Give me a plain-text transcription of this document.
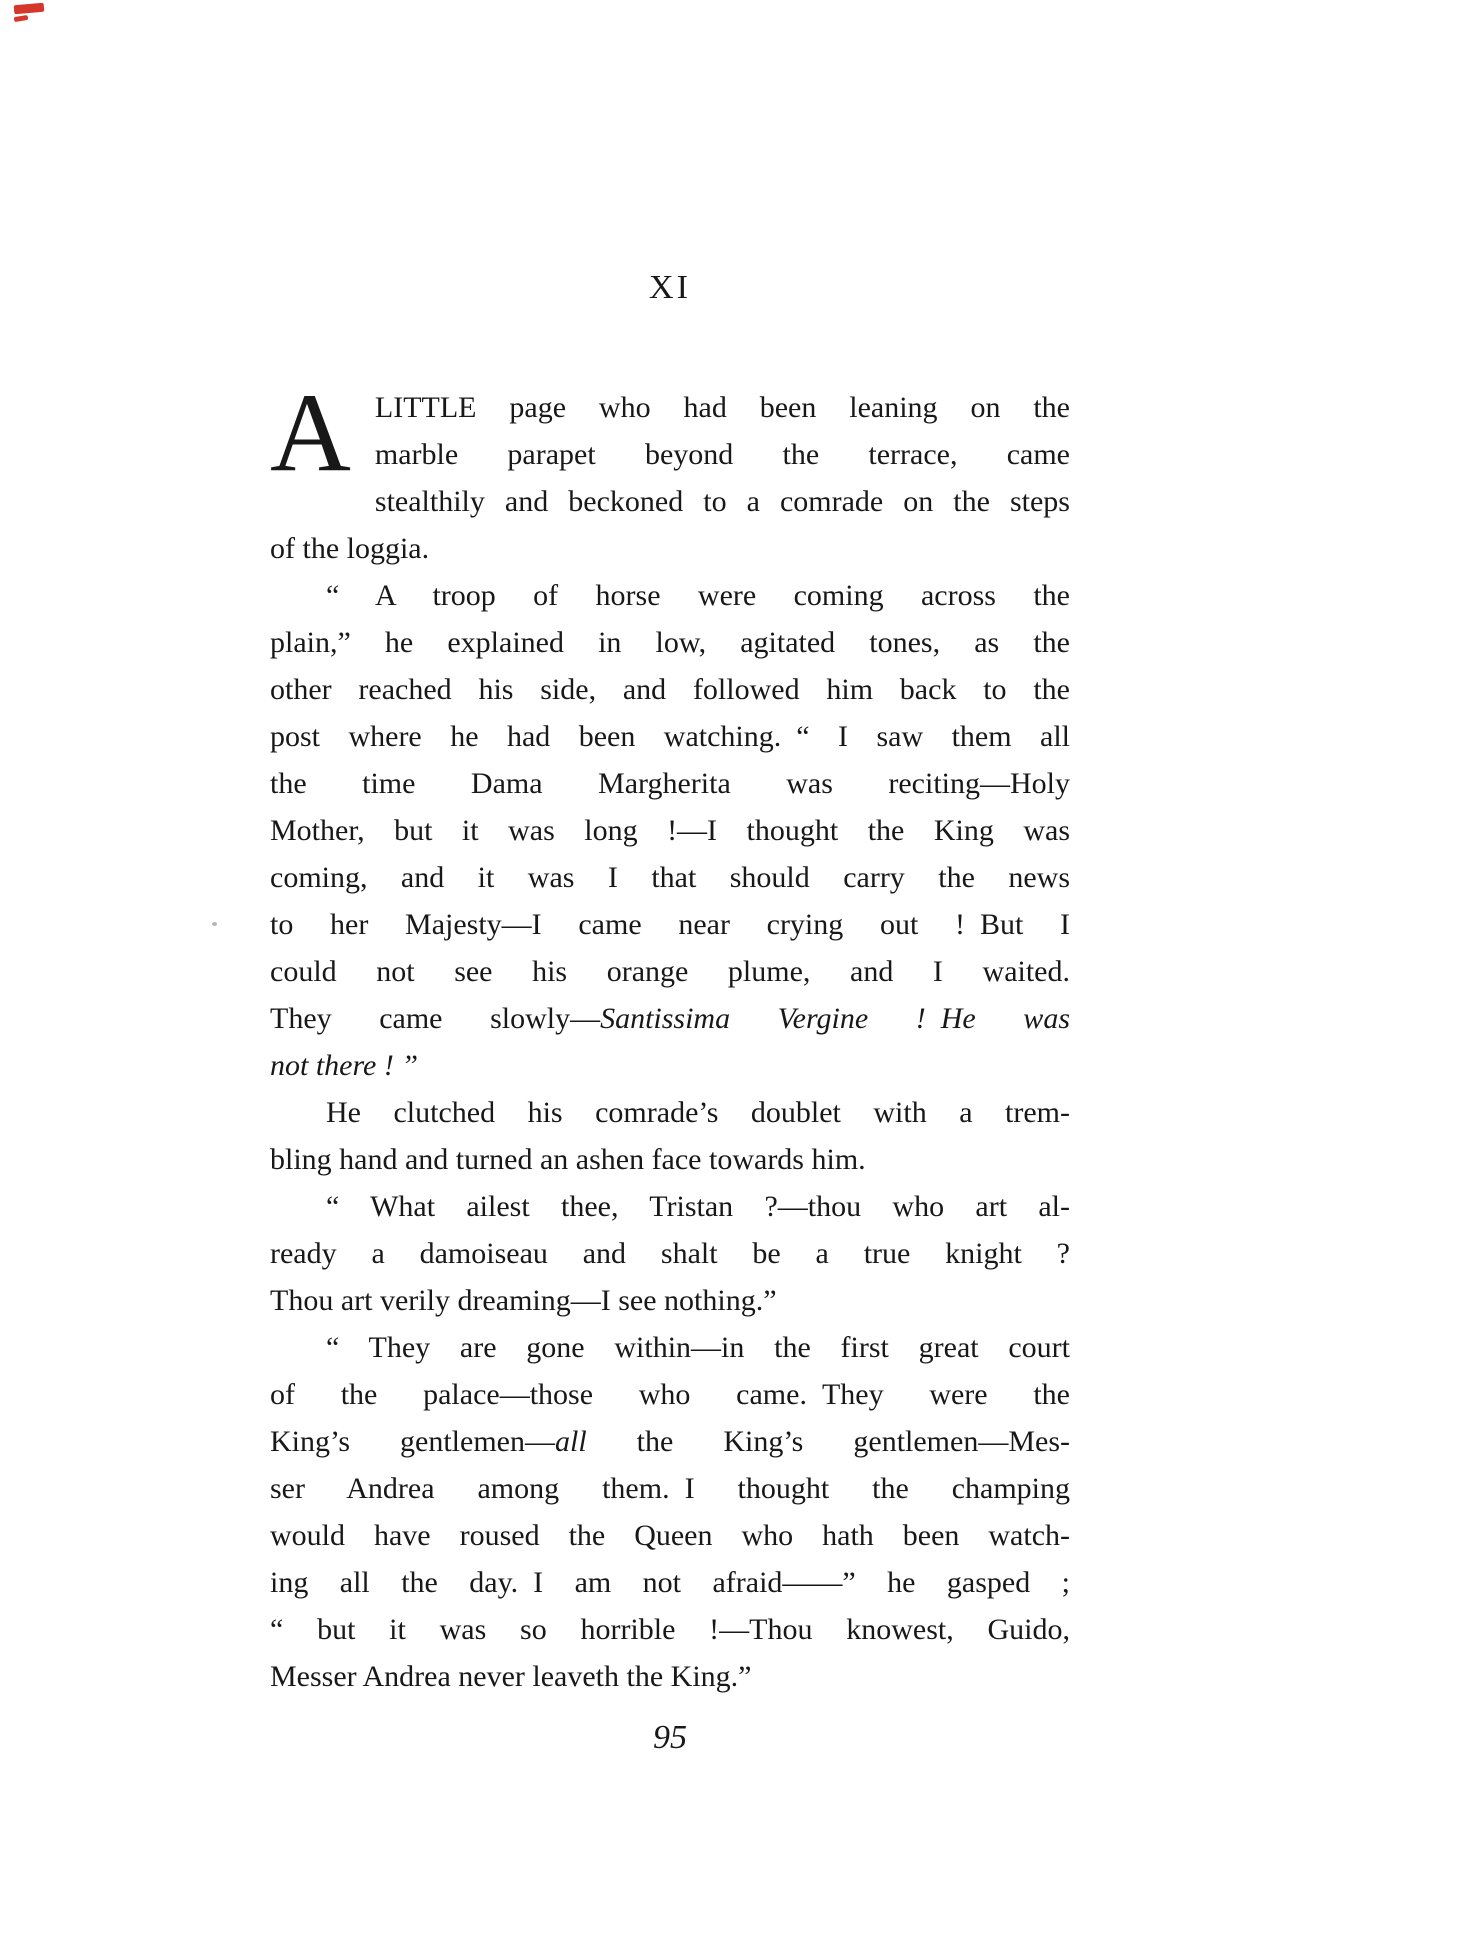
XI
A LITTLE page who had been leaning on the
marble parapet beyond the terrace, came
stealthily and beckoned to a comrade on the steps
of the loggia.
“ A troop of horse were coming across the
plain,” he explained in low, agitated tones, as the
other reached his side, and followed him back to the
post where he had been watching. “ I saw them all
the time Dama Margherita was reciting—Holy
Mother, but it was long !—I thought the King was
coming, and it was I that should carry the news
to her Majesty—I came near crying out ! But I
could not see his orange plume, and I waited.
They came slowly—Santissima Vergine ! He was
not there ! ”
He clutched his comrade’s doublet with a trem-
bling hand and turned an ashen face towards him.
“ What ailest thee, Tristan ?—thou who art al-
ready a damoiseau and shalt be a true knight ?
Thou art verily dreaming—I see nothing.”
“ They are gone within—in the first great court
of the palace—those who came. They were the
King’s gentlemen—all the King’s gentlemen—Mes-
ser Andrea among them. I thought the champing
would have roused the Queen who hath been watch-
ing all the day. I am not afraid——” he gasped ;
“ but it was so horrible !—Thou knowest, Guido,
Messer Andrea never leaveth the King.”
95
